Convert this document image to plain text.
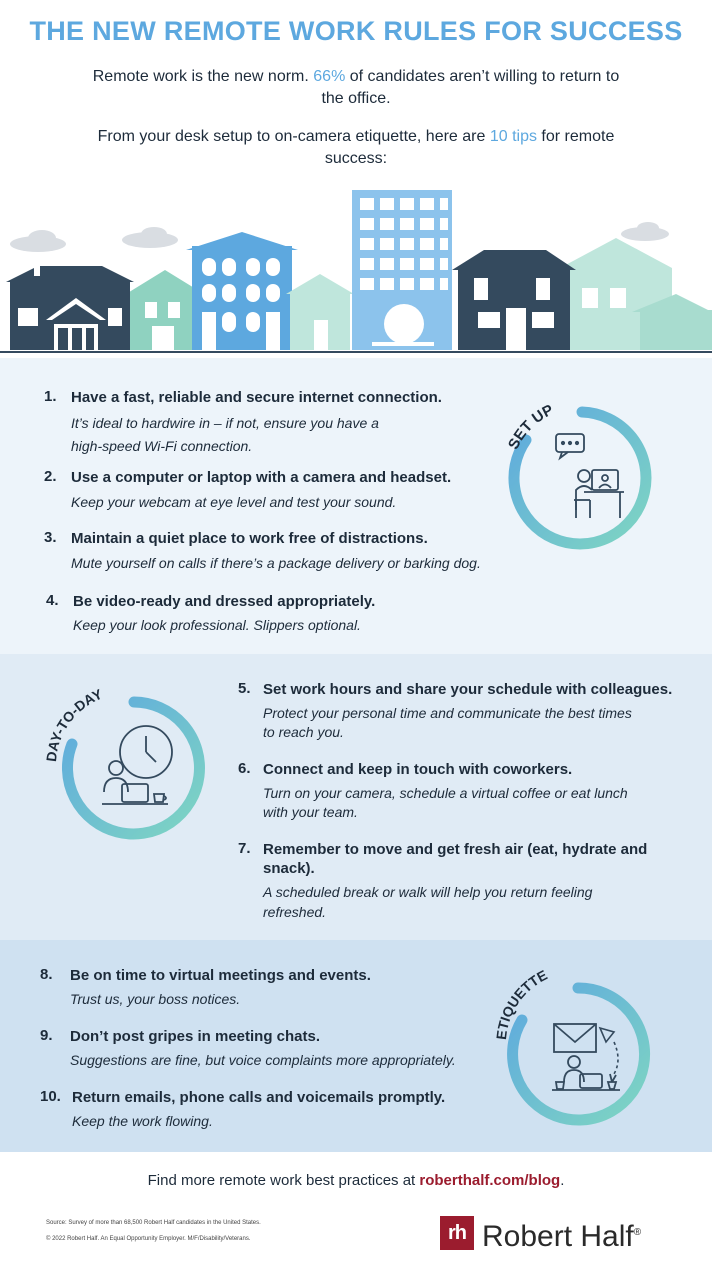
THE NEW REMOTE WORK RULES FOR SUCCESS
Remote work is the new norm. 66% of candidates aren’t willing to return to the office.
From your desk setup to on-camera etiquette, here are 10 tips for remote success:
1. Have a fast, reliable and secure internet connection.
It’s ideal to hardwire in – if not, ensure you have a
high-speed Wi-Fi connection.
2. Use a computer or laptop with a camera and headset.
Keep your webcam at eye level and test your sound.
3. Maintain a quiet place to work free of distractions.
Mute yourself on calls if there’s a package delivery or barking dog.
4. Be video-ready and dressed appropriately.
Keep your look professional. Slippers optional.
SET UP
5. Set work hours and share your schedule with colleagues.
Protect your personal time and communicate the best times
to reach you.
6. Connect and keep in touch with coworkers.
Turn on your camera, schedule a virtual coffee or eat lunch
with your team.
7. Remember to move and get fresh air (eat, hydrate and
snack).
A scheduled break or walk will help you return feeling
refreshed.
DAY-TO-DAY
8. Be on time to virtual meetings and events.
Trust us, your boss notices.
9. Don’t post gripes in meeting chats.
Suggestions are fine, but voice complaints more appropriately.
10. Return emails, phone calls and voicemails promptly.
Keep the work flowing.
ETIQUETTE
Find more remote work best practices at roberthalf.com/blog.
Source: Survey of more than 68,500 Robert Half candidates in the United States.
© 2022 Robert Half. An Equal Opportunity Employer. M/F/Disability/Veterans.	rh Robert Half®
